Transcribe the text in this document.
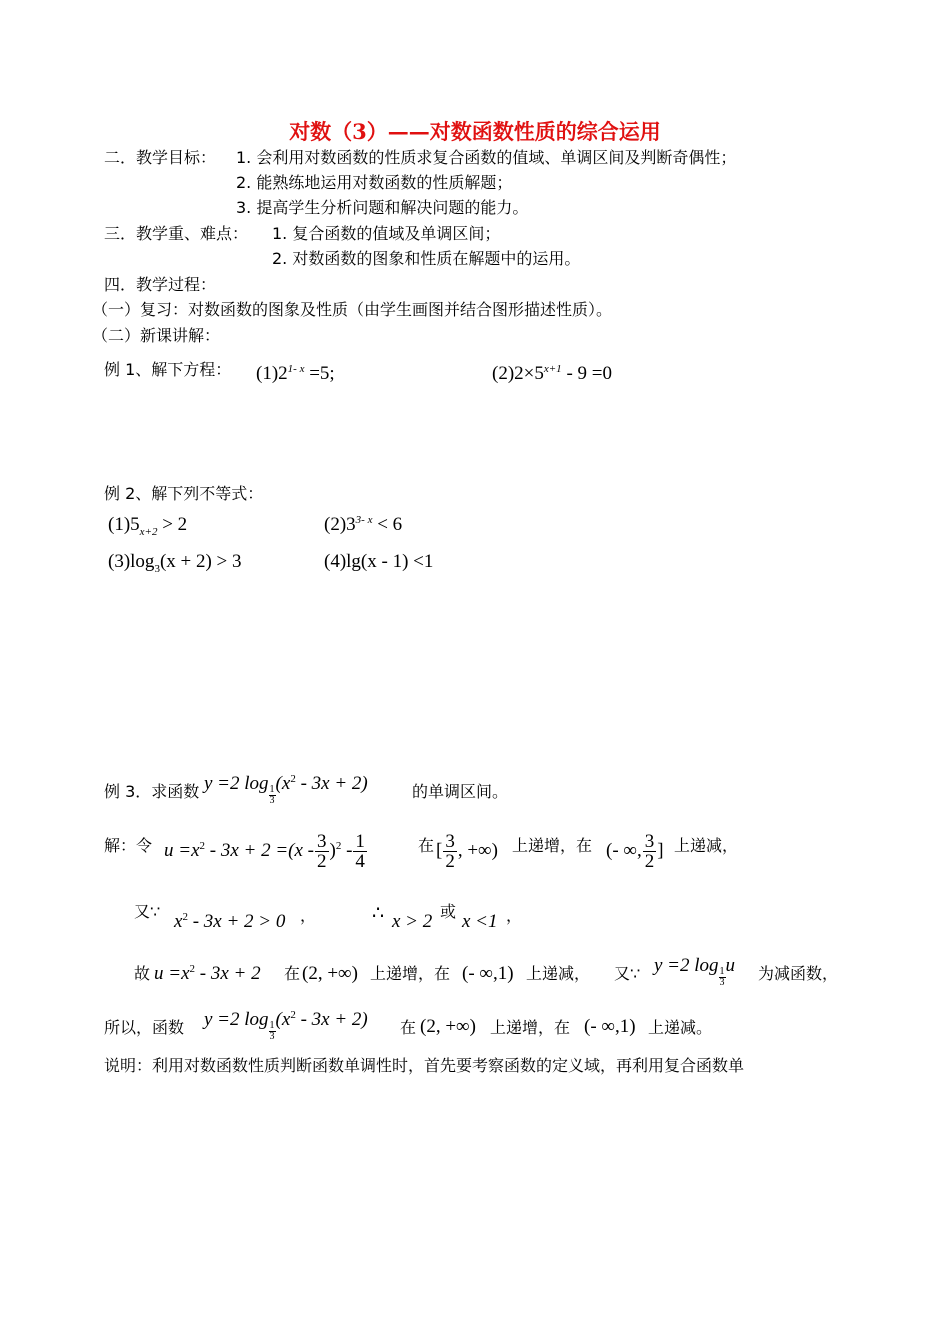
对数（3）——对数函数性质的综合运用
二．教学目标： 1. 会利用对数函数的性质求复合函数的值域、单调区间及判断奇偶性；
2. 能熟练地运用对数函数的性质解题；
3. 提高学生分析问题和解决问题的能力。
三．教学重、难点： 1. 复合函数的值域及单调区间；
2. 对数函数的图象和性质在解题中的运用。
四．教学过程：
（一）复习：对数函数的图象及性质（由学生画图并结合图形描述性质）。
（二）新课讲解：
例 1、解下方程： $(1)2^{1- x} =5$;	$(2)2\times 5^{x+1} - 9 =0$
例 2、解下列不等式：
$(1)5_{x+2} > 2$	$(2)3^{3- x} < 6$
$(3)\log_3(x + 2) > 3$	(4)lg(x - 1) <1
例 3．求函数 y =2 log
$\frac{1}{3}$
$(x^2 - 3x + 2)$	的单调区间。
解：令 $u =x^2 - 3x + 2 =(x - \frac{3}{2} )^2 - \frac{1}{4}$	在 [ $\frac{3}{2}$ , +∞) 上递增，在 (- ∞, $\frac{3}{2}$ ] 上递减，
又∵ $x^2 - 3x + 2 > 0$ ，	∴ x > 2 或 x <1 ，
故 $u =x^2 - 3x + 2$ 在 (2, +∞) 上递增，在 (- ∞,1) 上递减， 又∵ y =2 log
$\frac{1}{3}$
u 为减函数，
所以，函数 y =2 log
$\frac{1}{3}$
$(x^2 - 3x + 2)$ 在 (2, +∞) 上递增，在 (- ∞,1) 上递减。
说明：利用对数函数性质判断函数单调性时，首先要考察函数的定义域，再利用复合函数单
